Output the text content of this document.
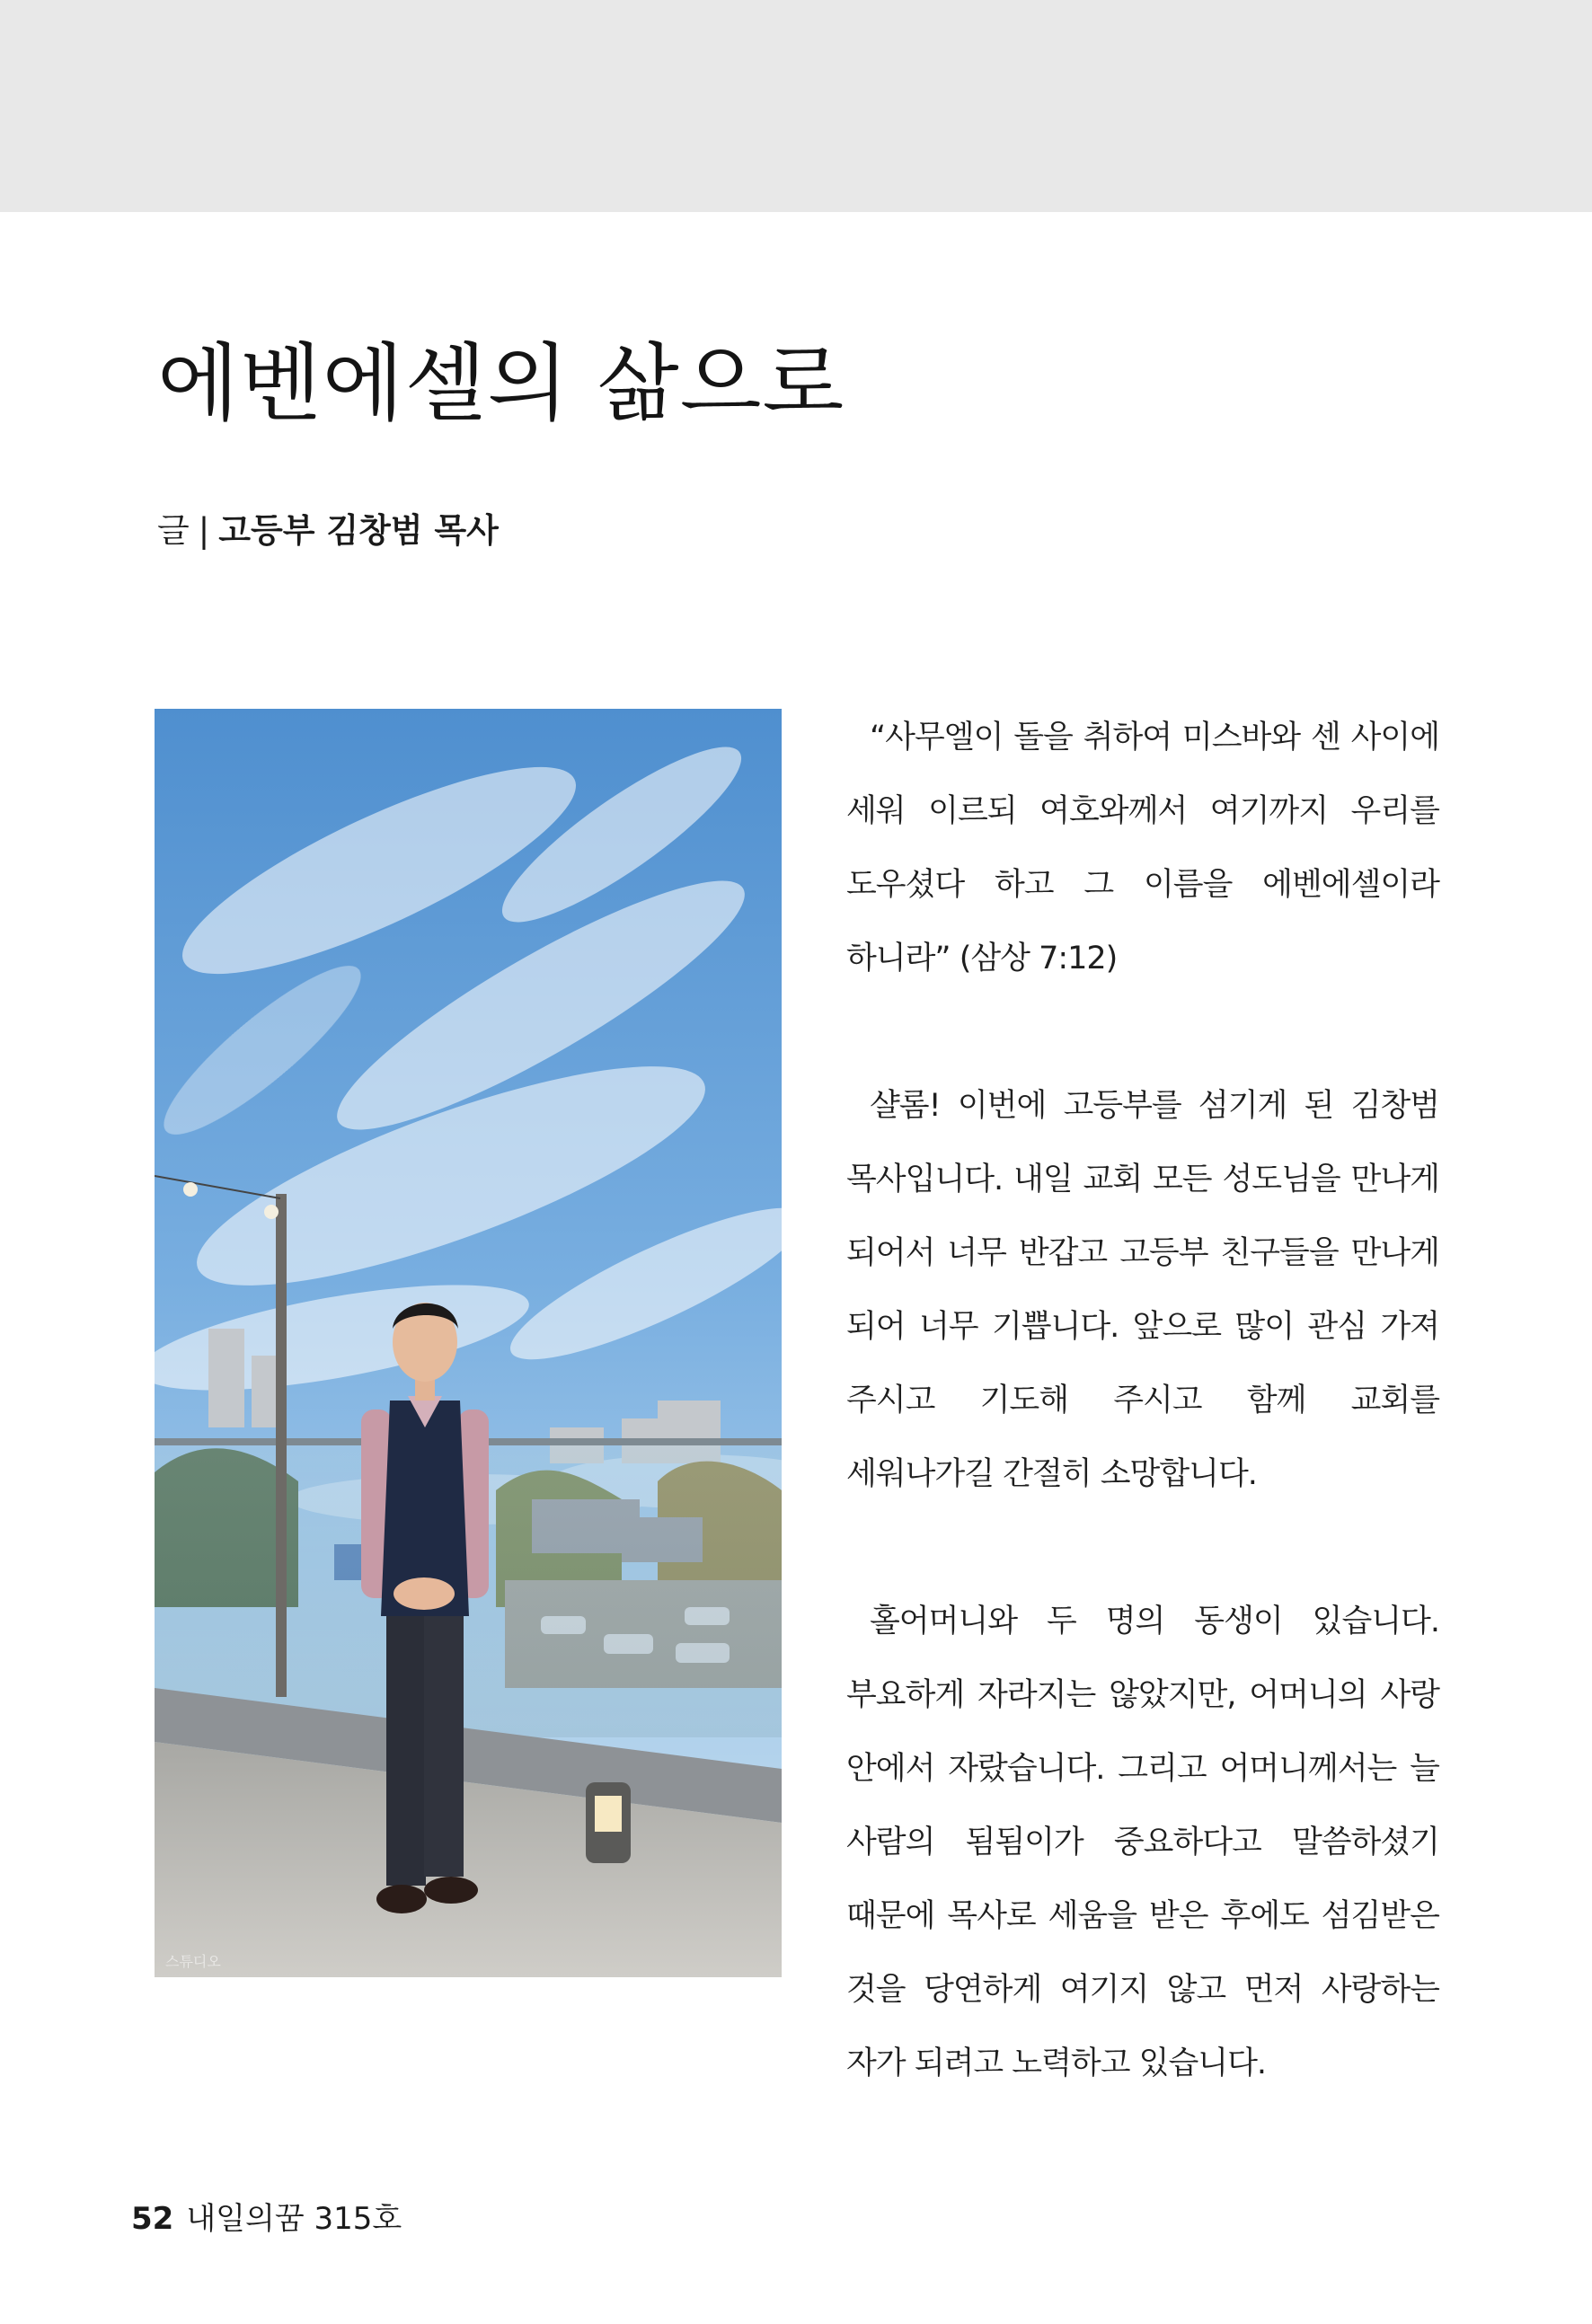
에벤에셀의 삶으로
글 | 고등부 김창범 목사
스튜디오

“사무엘이 돌을 취하여 미스바와 센 사이에 세워 이르되 여호와께서 여기까지 우리를 도우셨다 하고 그 이름을 에벤에셀이라 하니라” (삼상 7:12)

샬롬! 이번에 고등부를 섬기게 된 김창범 목사입니다. 내일 교회 모든 성도님을 만나게 되어서 너무 반갑고 고등부 친구들을 만나게 되어 너무 기쁩니다. 앞으로 많이 관심 가져 주시고 기도해 주시고 함께 교회를 세워나가길 간절히 소망합니다.

홀어머니와 두 명의 동생이 있습니다. 부요하게 자라지는 않았지만, 어머니의 사랑 안에서 자랐습니다. 그리고 어머니께서는 늘 사람의 됨됨이가 중요하다고 말씀하셨기 때문에 목사로 세움을 받은 후에도 섬김받은 것을 당연하게 여기지 않고 먼저 사랑하는 자가 되려고 노력하고 있습니다.

52 내일의꿈 315호
